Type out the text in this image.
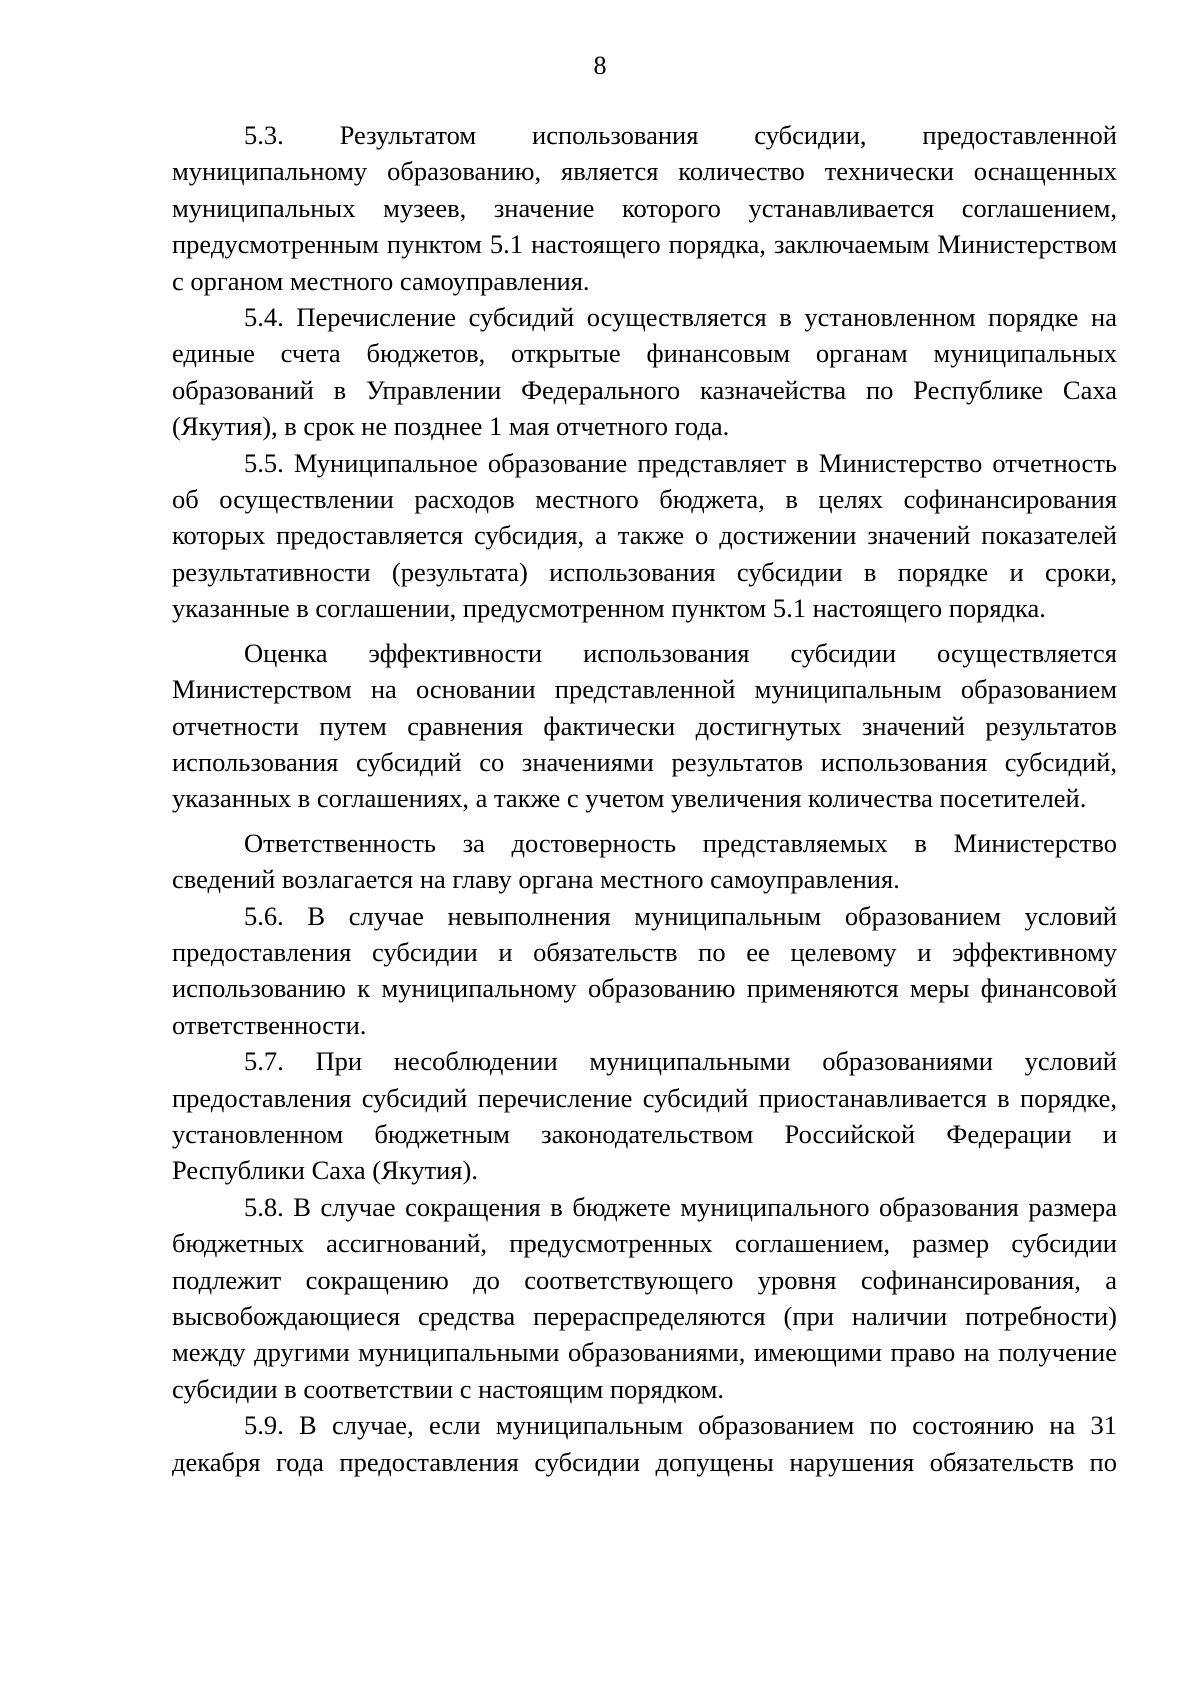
8

5.3. Результатом использования субсидии, предоставленной муниципальному образованию, является количество технически оснащенных муниципальных музеев, значение которого устанавливается соглашением, предусмотренным пунктом 5.1 настоящего порядка, заключаемым Министерством с органом местного самоуправления.

5.4. Перечисление субсидий осуществляется в установленном порядке на единые счета бюджетов, открытые финансовым органам муниципальных образований в Управлении Федерального казначейства по Республике Саха (Якутия), в срок не позднее 1 мая отчетного года.

5.5. Муниципальное образование представляет в Министерство отчетность об осуществлении расходов местного бюджета, в целях софинансирования которых предоставляется субсидия, а также о достижении значений показателей результативности (результата) использования субсидии в порядке и сроки, указанные в соглашении, предусмотренном пунктом 5.1 настоящего порядка.

Оценка эффективности использования субсидии осуществляется Министерством на основании представленной муниципальным образованием отчетности путем сравнения фактически достигнутых значений результатов использования субсидий со значениями результатов использования субсидий, указанных в соглашениях, а также с учетом увеличения количества посетителей.

Ответственность за достоверность представляемых в Министерство сведений возлагается на главу органа местного самоуправления.

5.6. В случае невыполнения муниципальным образованием условий предоставления субсидии и обязательств по ее целевому и эффективному использованию к муниципальному образованию применяются меры финансовой ответственности.

5.7. При несоблюдении муниципальными образованиями условий предоставления субсидий перечисление субсидий приостанавливается в порядке, установленном бюджетным законодательством Российской Федерации и Республики Саха (Якутия).

5.8. В случае сокращения в бюджете муниципального образования размера бюджетных ассигнований, предусмотренных соглашением, размер субсидии подлежит сокращению до соответствующего уровня софинансирования, а высвобождающиеся средства перераспределяются (при наличии потребности) между другими муниципальными образованиями, имеющими право на получение субсидии в соответствии с настоящим порядком.

5.9. В случае, если муниципальным образованием по состоянию на 31 декабря года предоставления субсидии допущены нарушения обязательств по
